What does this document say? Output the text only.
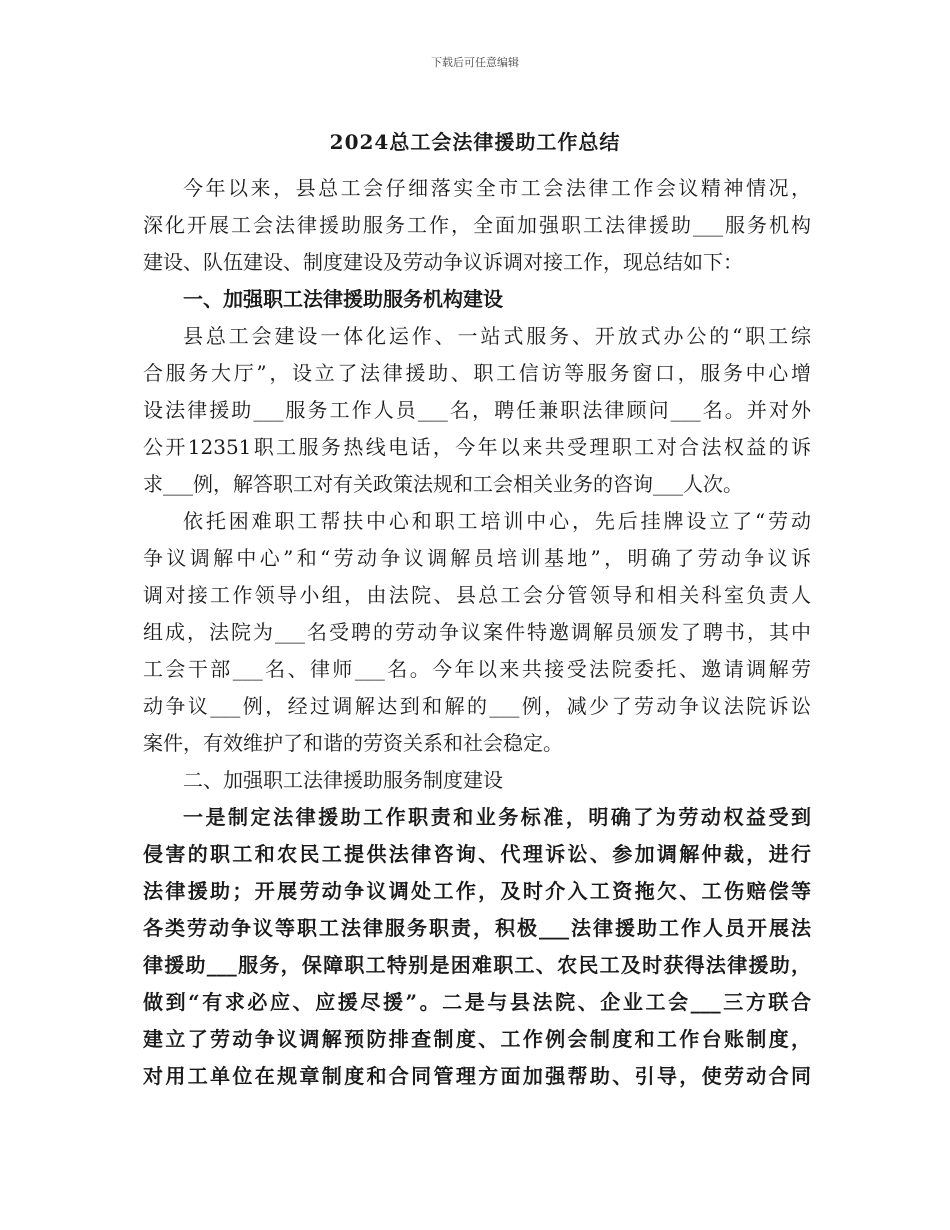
下载后可任意编辑
2024总工会法律援助工作总结
今年以来，县总工会仔细落实全市工会法律工作会议精神情况，
深化开展工会法律援助服务工作，全面加强职工法律援助___服务机构
建设、队伍建设、制度建设及劳动争议诉调对接工作，现总结如下：
一、加强职工法律援助服务机构建设
县总工会建设一体化运作、一站式服务、开放式办公的“职工综
合服务大厅”，设立了法律援助、职工信访等服务窗口，服务中心增
设法律援助___服务工作人员___名，聘任兼职法律顾问___名。并对外
公开12351职工服务热线电话，今年以来共受理职工对合法权益的诉
求___例，解答职工对有关政策法规和工会相关业务的咨询___人次。
依托困难职工帮扶中心和职工培训中心，先后挂牌设立了“劳动
争议调解中心”和“劳动争议调解员培训基地”，明确了劳动争议诉
调对接工作领导小组，由法院、县总工会分管领导和相关科室负责人
组成，法院为___名受聘的劳动争议案件特邀调解员颁发了聘书，其中
工会干部___名、律师___名。今年以来共接受法院委托、邀请调解劳
动争议___例，经过调解达到和解的___例，减少了劳动争议法院诉讼
案件，有效维护了和谐的劳资关系和社会稳定。
二、加强职工法律援助服务制度建设
一是制定法律援助工作职责和业务标准，明确了为劳动权益受到
侵害的职工和农民工提供法律咨询、代理诉讼、参加调解仲裁，进行
法律援助；开展劳动争议调处工作，及时介入工资拖欠、工伤赔偿等
各类劳动争议等职工法律服务职责，积极___法律援助工作人员开展法
律援助___服务，保障职工特别是困难职工、农民工及时获得法律援助，
做到“有求必应、应援尽援”。二是与县法院、企业工会___三方联合
建立了劳动争议调解预防排查制度、工作例会制度和工作台账制度，
对用工单位在规章制度和合同管理方面加强帮助、引导，使劳动合同
